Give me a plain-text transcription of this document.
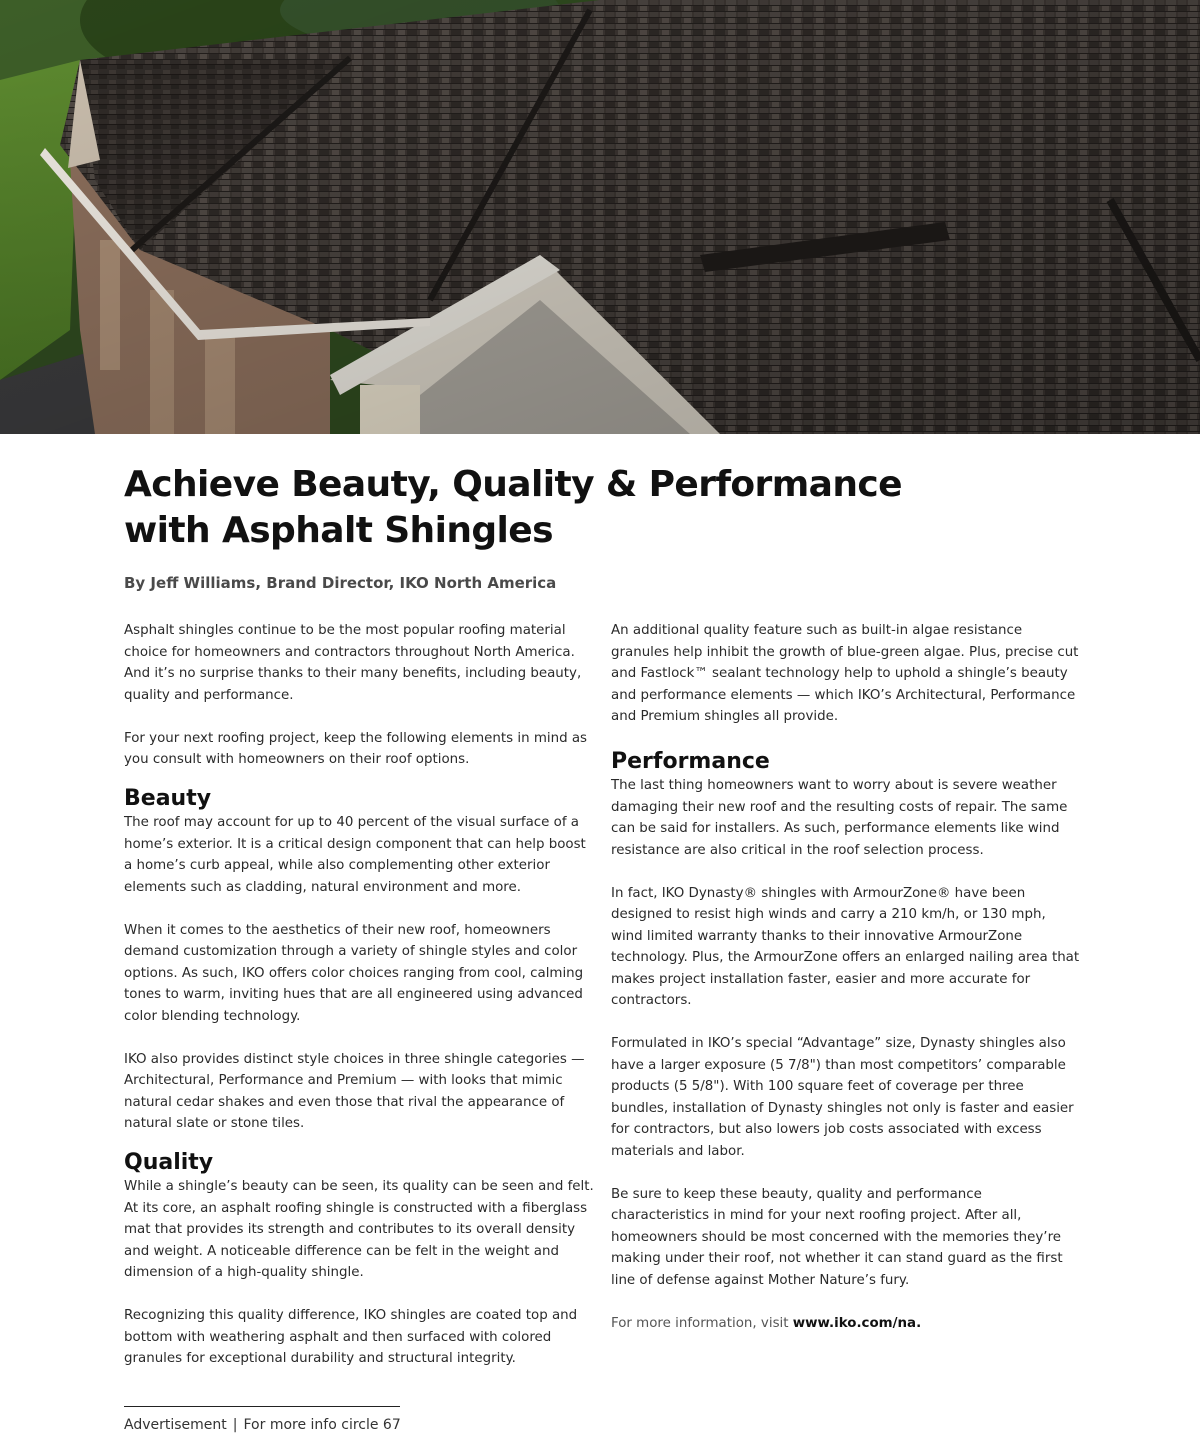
Achieve Beauty, Quality & Performance
with Asphalt Shingles

By Jeff Williams, Brand Director, IKO North America

Asphalt shingles continue to be the most popular roofing material choice for homeowners and contractors throughout North America. And it’s no surprise thanks to their many benefits, including beauty, quality and performance.

For your next roofing project, keep the following elements in mind as you consult with homeowners on their roof options.

Beauty

The roof may account for up to 40 percent of the visual surface of a home’s exterior. It is a critical design component that can help boost a home’s curb appeal, while also complementing other exterior elements such as cladding, natural environment and more.

When it comes to the aesthetics of their new roof, homeowners demand customization through a variety of shingle styles and color options. As such, IKO offers color choices ranging from cool, calming tones to warm, inviting hues that are all engineered using advanced color blending technology.

IKO also provides distinct style choices in three shingle categories — Architectural, Performance and Premium — with looks that mimic natural cedar shakes and even those that rival the appearance of natural slate or stone tiles.

Quality

While a shingle’s beauty can be seen, its quality can be seen and felt. At its core, an asphalt roofing shingle is constructed with a fiberglass mat that provides its strength and contributes to its overall density and weight. A noticeable difference can be felt in the weight and dimension of a high-quality shingle.

Recognizing this quality difference, IKO shingles are coated top and bottom with weathering asphalt and then surfaced with colored granules for exceptional durability and structural integrity.

An additional quality feature such as built-in algae resistance granules help inhibit the growth of blue-green algae. Plus, precise cut and Fastlock™ sealant technology help to uphold a shingle’s beauty and performance elements — which IKO’s Architectural, Performance and Premium shingles all provide.

Performance

The last thing homeowners want to worry about is severe weather damaging their new roof and the resulting costs of repair. The same can be said for installers. As such, performance elements like wind resistance are also critical in the roof selection process.

In fact, IKO Dynasty® shingles with ArmourZone® have been designed to resist high winds and carry a 210 km/h, or 130 mph, wind limited warranty thanks to their innovative ArmourZone technology. Plus, the ArmourZone offers an enlarged nailing area that makes project installation faster, easier and more accurate for contractors.

Formulated in IKO’s special “Advantage” size, Dynasty shingles also have a larger exposure (5 7/8") than most competitors’ comparable products (5 5/8"). With 100 square feet of coverage per three bundles, installation of Dynasty shingles not only is faster and easier for contractors, but also lowers job costs associated with excess materials and labor.

Be sure to keep these beauty, quality and performance characteristics in mind for your next roofing project. After all, homeowners should be most concerned with the memories they’re making under their roof, not whether it can stand guard as the first line of defense against Mother Nature’s fury.

For more information, visit www.iko.com/na.

Advertisement | For more info circle 67
